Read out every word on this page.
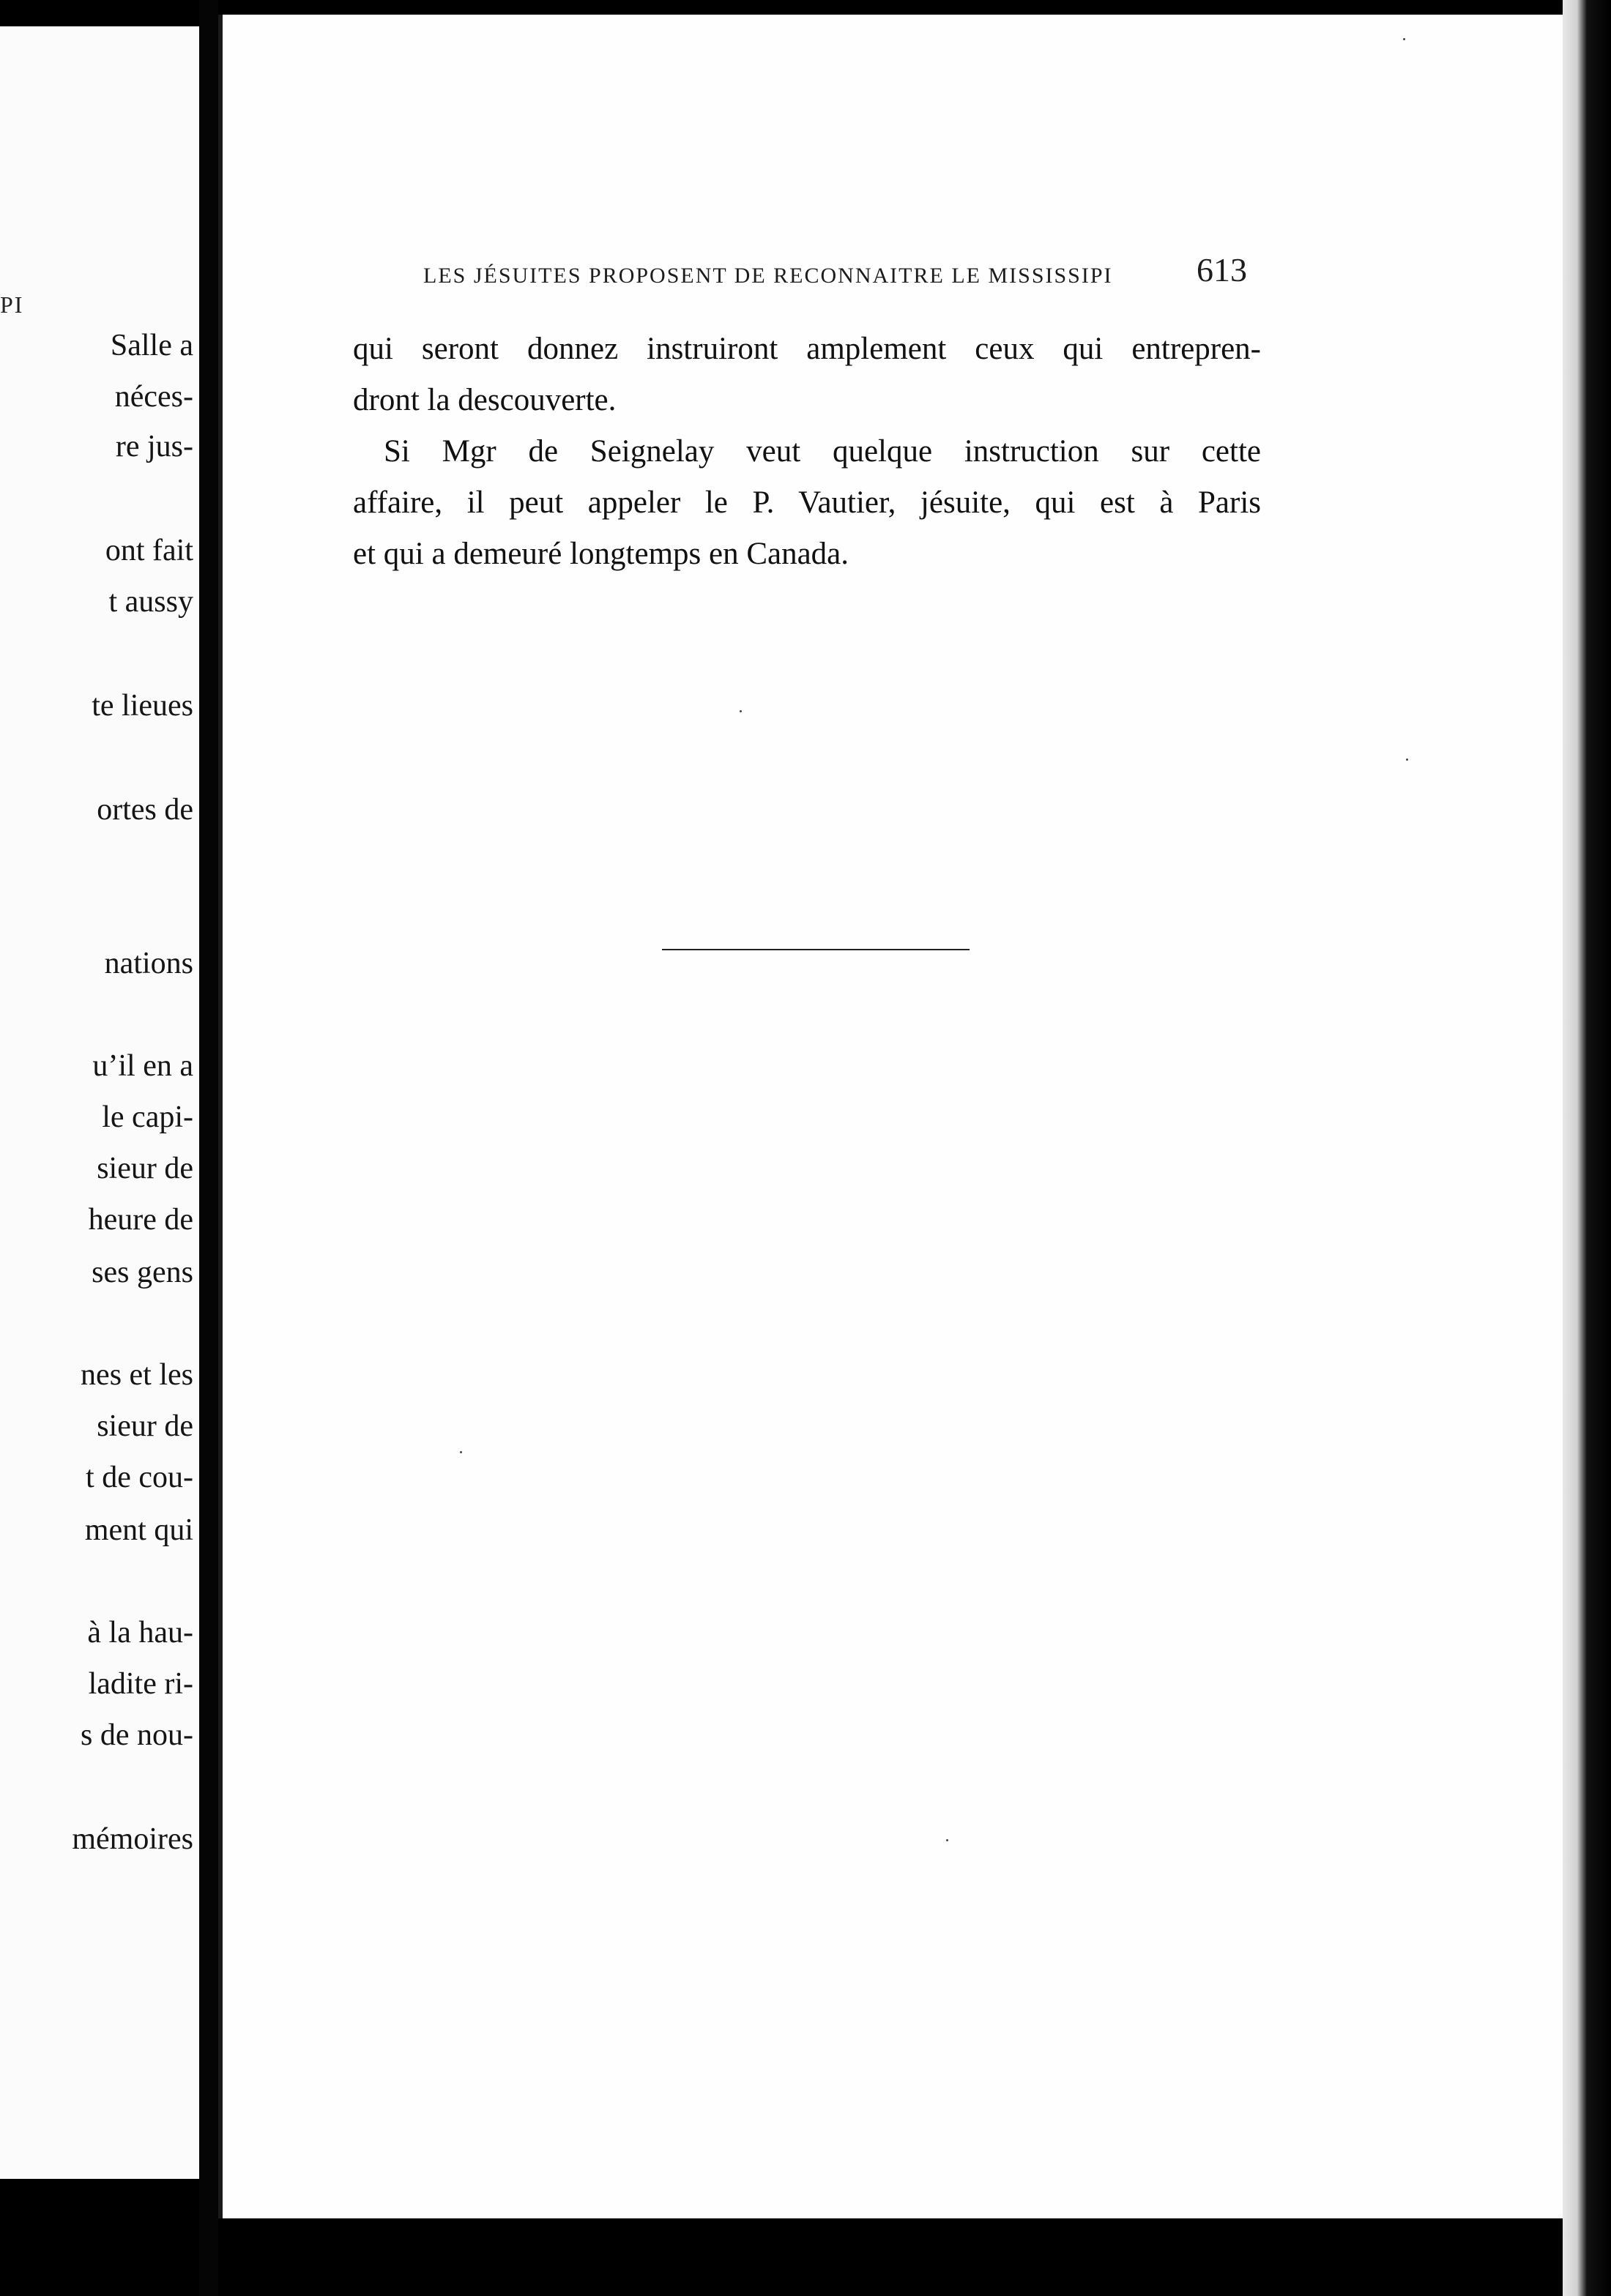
PI
Salle a
néces-
re jus-
ont fait
t aussy
te lieues
ortes de
nations
u’il en a
le capi-
sieur de
heure de
ses gens
nes et les
sieur de
t de cou-
ment qui
à la hau-
ladite ri-
s de nou-
mémoires
LES JÉSUITES PROPOSENT DE RECONNAITRE LE MISSISSIPI 613
qui seront donnez instruiront amplement ceux qui entrepren-
dront la descouverte.
Si Mgr de Seignelay veut quelque instruction sur cette
affaire, il peut appeler le P. Vautier, jésuite, qui est à Paris
et qui a demeuré longtemps en Canada.
